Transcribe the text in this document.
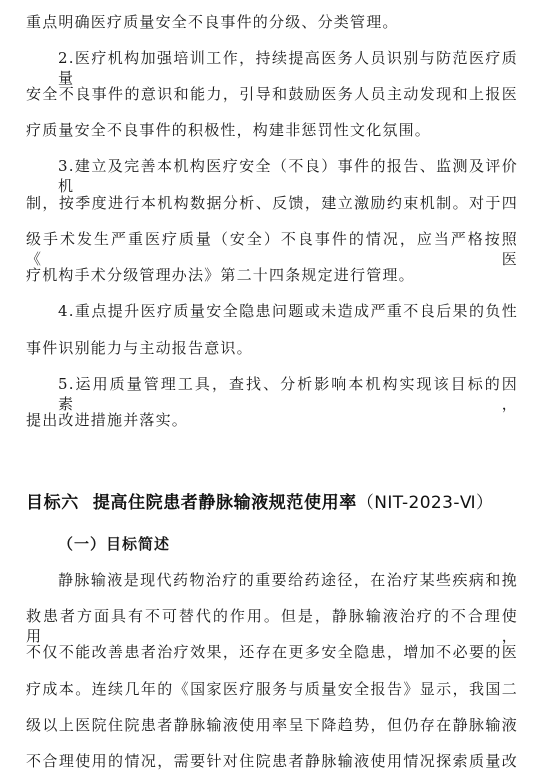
重点明确医疗质量安全不良事件的分级、分类管理。
2.医疗机构加强培训工作，持续提高医务人员识别与防范医疗质量
安全不良事件的意识和能力，引导和鼓励医务人员主动发现和上报医
疗质量安全不良事件的积极性，构建非惩罚性文化氛围。
3.建立及完善本机构医疗安全（不良）事件的报告、监测及评价机
制，按季度进行本机构数据分析、反馈，建立激励约束机制。对于四
级手术发生严重医疗质量（安全）不良事件的情况，应当严格按照《医
疗机构手术分级管理办法》第二十四条规定进行管理。
4.重点提升医疗质量安全隐患问题或未造成严重不良后果的负性
事件识别能力与主动报告意识。
5.运用质量管理工具，查找、分析影响本机构实现该目标的因素，
提出改进措施并落实。
目标六 提高住院患者静脉输液规范使用率（NIT-2023-Ⅵ）
（一）目标简述
静脉输液是现代药物治疗的重要给药途径，在治疗某些疾病和挽
救患者方面具有不可替代的作用。但是，静脉输液治疗的不合理使用，
不仅不能改善患者治疗效果，还存在更多安全隐患，增加不必要的医
疗成本。连续几年的《国家医疗服务与质量安全报告》显示，我国二
级以上医院住院患者静脉输液使用率呈下降趋势，但仍存在静脉输液
不合理使用的情况，需要针对住院患者静脉输液使用情况探索质量改
